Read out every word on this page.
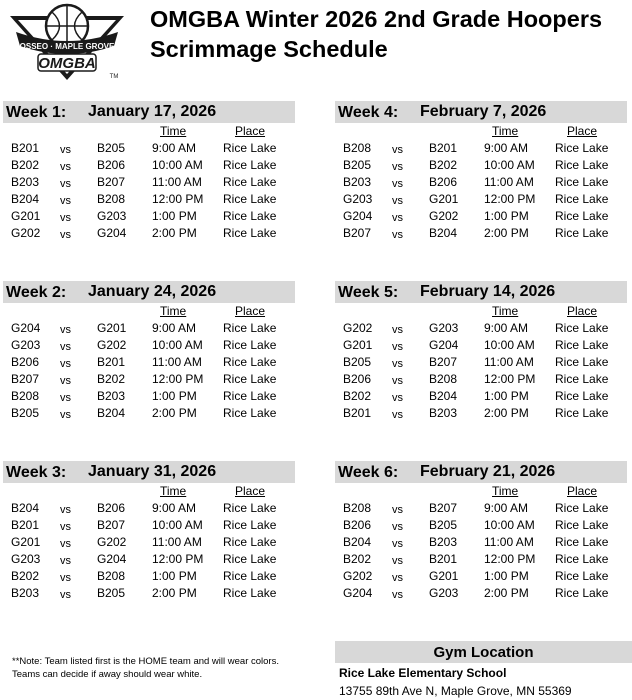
OSSEO · MAPLE GROVE
OMGBA
TM
OMGBA Winter 2026 2nd Grade Hoopers
Scrimmage Schedule
Week 1: January 17, 2026
Time	Place
B201 vs B205 9:00 AM Rice Lake
B202 vs B206 10:00 AM Rice Lake
B203 vs B207 11:00 AM Rice Lake
B204 vs B208 12:00 PM Rice Lake
G201 vs G203 1:00 PM Rice Lake
G202 vs G204 2:00 PM Rice Lake
Week 2: January 24, 2026
Time	Place
G204 vs G201 9:00 AM Rice Lake
G203 vs G202 10:00 AM Rice Lake
B206 vs B201 11:00 AM Rice Lake
B207 vs B202 12:00 PM Rice Lake
B208 vs B203 1:00 PM Rice Lake
B205 vs B204 2:00 PM Rice Lake
Week 3: January 31, 2026
Time	Place
B204 vs B206 9:00 AM Rice Lake
B201 vs B207 10:00 AM Rice Lake
G201 vs G202 11:00 AM Rice Lake
G203 vs G204 12:00 PM Rice Lake
B202 vs B208 1:00 PM Rice Lake
B203 vs B205 2:00 PM Rice Lake
Week 4: February 7, 2026
Time	Place
B208 vs B201 9:00 AM Rice Lake
B205 vs B202 10:00 AM Rice Lake
B203 vs B206 11:00 AM Rice Lake
G203 vs G201 12:00 PM Rice Lake
G204 vs G202 1:00 PM Rice Lake
B207 vs B204 2:00 PM Rice Lake
Week 5: February 14, 2026
Time	Place
G202 vs G203 9:00 AM Rice Lake
G201 vs G204 10:00 AM Rice Lake
B205 vs B207 11:00 AM Rice Lake
B206 vs B208 12:00 PM Rice Lake
B202 vs B204 1:00 PM Rice Lake
B201 vs B203 2:00 PM Rice Lake
Week 6: February 21, 2026
Time	Place
B208 vs B207 9:00 AM Rice Lake
B206 vs B205 10:00 AM Rice Lake
B204 vs B203 11:00 AM Rice Lake
B202 vs B201 12:00 PM Rice Lake
G202 vs G201 1:00 PM Rice Lake
G204 vs G203 2:00 PM Rice Lake
**Note: Team listed first is the HOME team and will wear colors. Teams can decide if away should wear white.
Gym Location
Rice Lake Elementary School
13755 89th Ave N, Maple Grove, MN 55369
